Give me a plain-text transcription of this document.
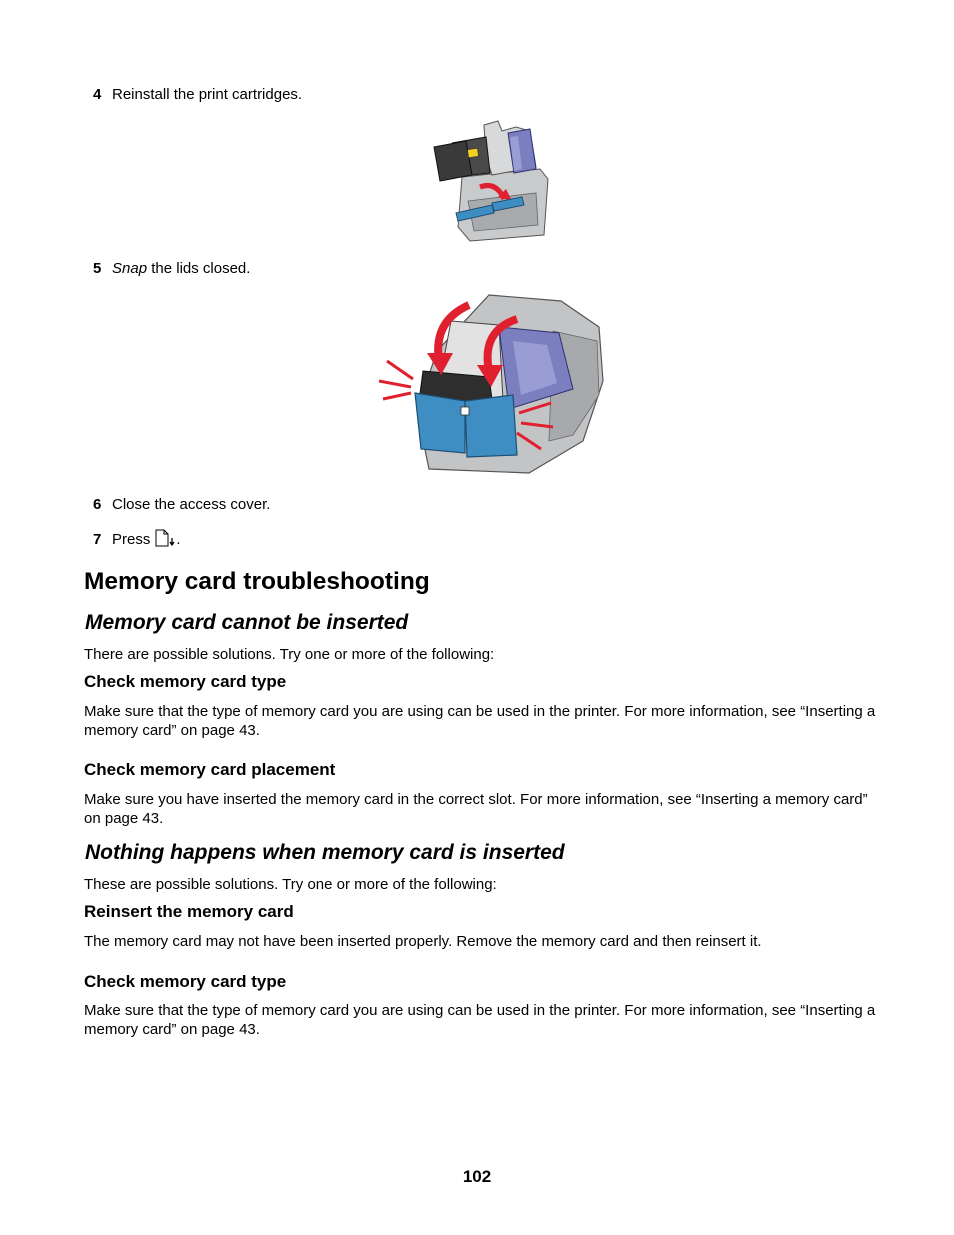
4 Reinstall the print cartridges.
5 Snap the lids closed.
6 Close the access cover.
7 Press .
Memory card troubleshooting
Memory card cannot be inserted
There are possible solutions. Try one or more of the following:
Check memory card type
Make sure that the type of memory card you are using can be used in the printer. For more information, see “Inserting a memory card” on page 43.
Check memory card placement
Make sure you have inserted the memory card in the correct slot. For more information, see “Inserting a memory card” on page 43.
Nothing happens when memory card is inserted
These are possible solutions. Try one or more of the following:
Reinsert the memory card
The memory card may not have been inserted properly. Remove the memory card and then reinsert it.
Check memory card type
Make sure that the type of memory card you are using can be used in the printer. For more information, see “Inserting a memory card” on page 43.
102
